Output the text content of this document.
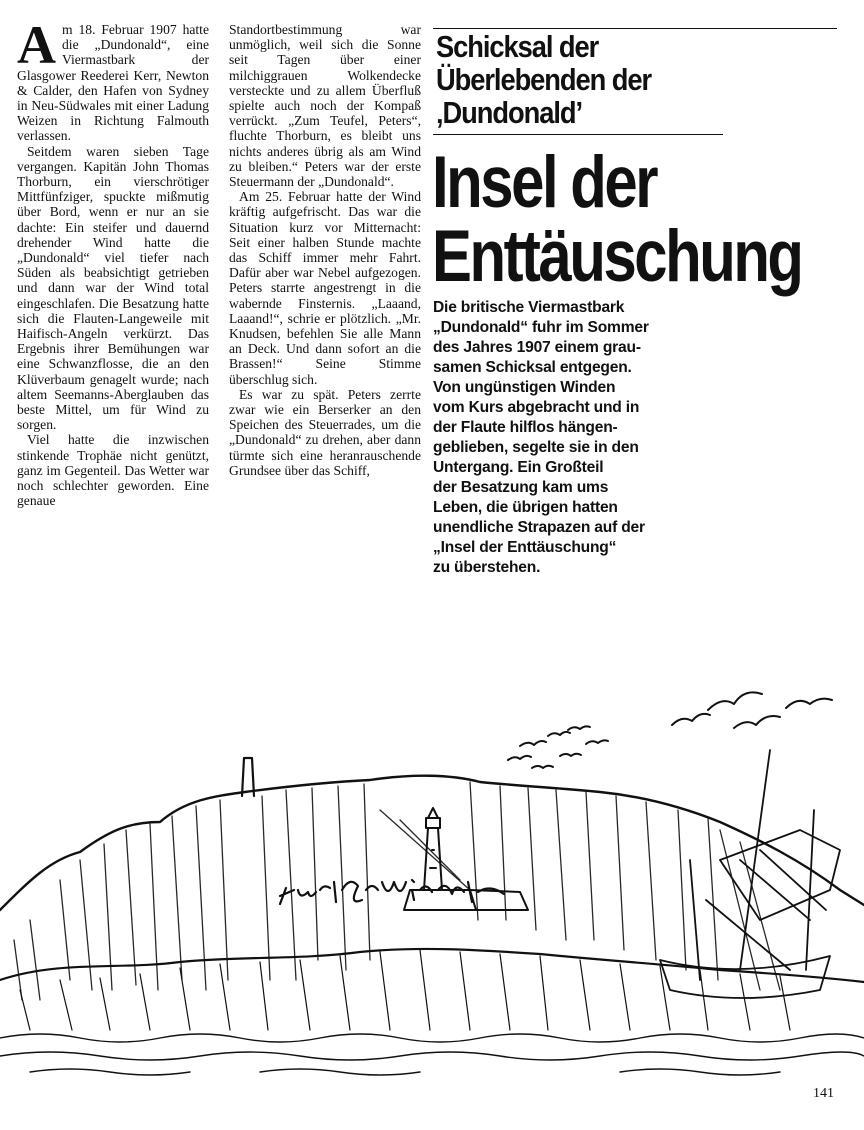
Am 18. Februar 1907 hatte die „Dundonald“, eine Viermastbark der Glasgower Reederei Kerr, Newton & Calder, den Hafen von Sydney in Neu-Südwales mit einer Ladung Weizen in Richtung Falmouth verlassen.

Seitdem waren sieben Tage vergangen. Kapitän John Thomas Thorburn, ein vierschrötiger Mittfünfziger, spuckte mißmutig über Bord, wenn er nur an sie dachte: Ein steifer und dauernd drehender Wind hatte die „Dundonald“ viel tiefer nach Süden als beabsichtigt getrieben und dann war der Wind total eingeschlafen. Die Besatzung hatte sich die Flauten-Langeweile mit Haifisch-Angeln verkürzt. Das Ergebnis ihrer Bemühungen war eine Schwanzflosse, die an den Klüverbaum genagelt wurde; nach altem Seemanns-Aberglauben das beste Mittel, um für Wind zu sorgen.

Viel hatte die inzwischen stinkende Trophäe nicht genützt, ganz im Gegenteil. Das Wetter war noch schlechter geworden. Eine genaue

Standortbestimmung war unmöglich, weil sich die Sonne seit Tagen über einer milchiggrauen Wolkendecke versteckte und zu allem Überfluß spielte auch noch der Kompaß verrückt. „Zum Teufel, Peters“, fluchte Thorburn, es bleibt uns nichts anderes übrig als am Wind zu bleiben.“ Peters war der erste Steuermann der „Dundonald“.

Am 25. Februar hatte der Wind kräftig aufgefrischt. Das war die Situation kurz vor Mitternacht: Seit einer halben Stunde machte das Schiff immer mehr Fahrt. Dafür aber war Nebel aufgezogen. Peters starrte angestrengt in die wabernde Finsternis. „Laaand, Laaand!“, schrie er plötzlich. „Mr. Knudsen, befehlen Sie alle Mann an Deck. Und dann sofort an die Brassen!“ Seine Stimme überschlug sich.

Es war zu spät. Peters zerrte zwar wie ein Berserker an den Speichen des Steuerrades, um die „Dundonald“ zu drehen, aber dann türmte sich eine heranrauschende Grundsee über das Schiff,

Schicksal der
Überlebenden der
‚Dundonald’
Insel der
Enttäuschung
Die britische Viermastbark
„Dundonald“ fuhr im Sommer
des Jahres 1907 einem grau-
samen Schicksal entgegen.
Von ungünstigen Winden
vom Kurs abgebracht und in
der Flaute hilflos hängen-
geblieben, segelte sie in den
Untergang. Ein Großteil
der Besatzung kam ums
Leben, die übrigen hatten
unendliche Strapazen auf der
„Insel der Enttäuschung“
zu überstehen.
141
